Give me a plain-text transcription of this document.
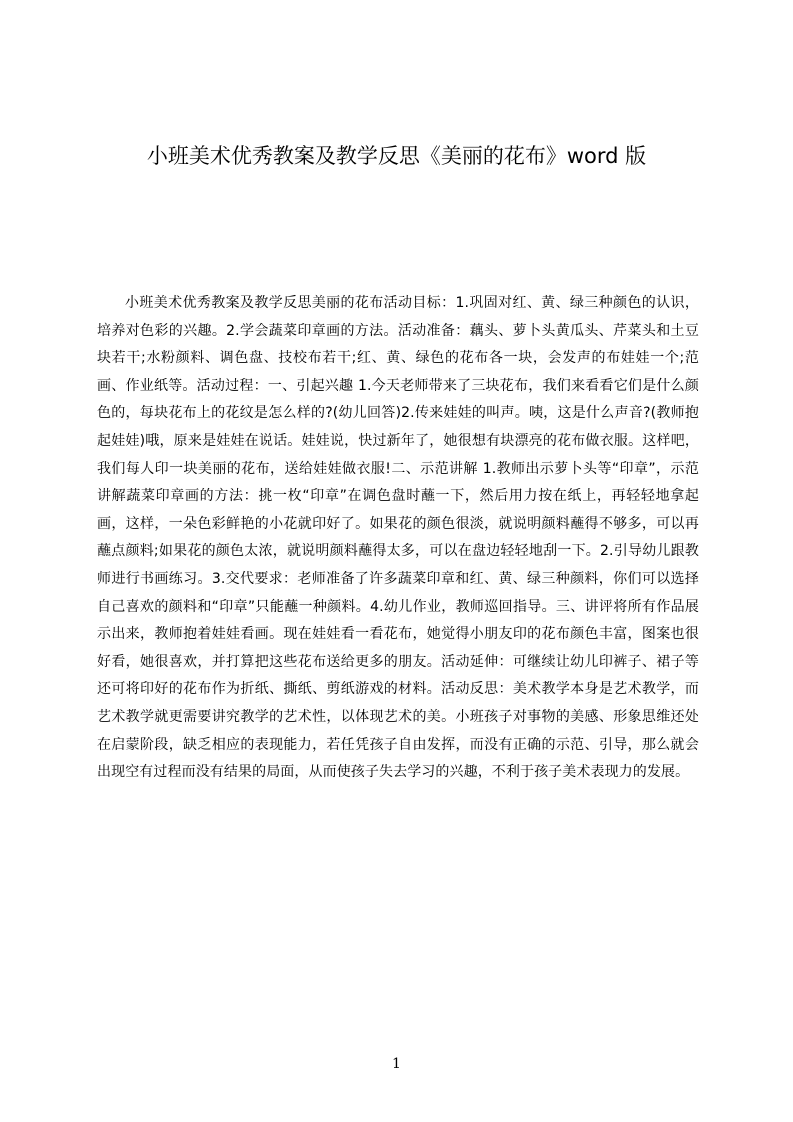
小班美术优秀教案及教学反思《美丽的花布》word 版
小班美术优秀教案及教学反思美丽的花布活动目标：1.巩固对红、黄、绿三种颜色的认识，培养对色彩的兴趣。2.学会蔬菜印章画的方法。活动准备：藕头、萝卜头黄瓜头、芹菜头和土豆块若干;水粉颜料、调色盘、技校布若干;红、黄、绿色的花布各一块，会发声的布娃娃一个;范画、作业纸等。活动过程：一、引起兴趣 1.今天老师带来了三块花布，我们来看看它们是什么颜色的，每块花布上的花纹是怎么样的?(幼儿回答)2.传来娃娃的叫声。咦，这是什么声音?(教师抱起娃娃)哦，原来是娃娃在说话。娃娃说，快过新年了，她很想有块漂亮的花布做衣服。这样吧，我们每人印一块美丽的花布，送给娃娃做衣服!二、示范讲解 1.教师出示萝卜头等“印章”，示范讲解蔬菜印章画的方法：挑一枚“印章”在调色盘时蘸一下，然后用力按在纸上，再轻轻地拿起画，这样，一朵色彩鲜艳的小花就印好了。如果花的颜色很淡，就说明颜料蘸得不够多，可以再蘸点颜料;如果花的颜色太浓，就说明颜料蘸得太多，可以在盘边轻轻地刮一下。2.引导幼儿跟教师进行书画练习。3.交代要求：老师准备了许多蔬菜印章和红、黄、绿三种颜料，你们可以选择自己喜欢的颜料和“印章”只能蘸一种颜料。4.幼儿作业，教师巡回指导。三、讲评将所有作品展示出来，教师抱着娃娃看画。现在娃娃看一看花布，她觉得小朋友印的花布颜色丰富，图案也很好看，她很喜欢，并打算把这些花布送给更多的朋友。活动延伸：可继续让幼儿印裤子、裙子等还可将印好的花布作为折纸、撕纸、剪纸游戏的材料。活动反思：美术教学本身是艺术教学，而艺术教学就更需要讲究教学的艺术性，以体现艺术的美。小班孩子对事物的美感、形象思维还处在启蒙阶段，缺乏相应的表现能力，若任凭孩子自由发挥，而没有正确的示范、引导，那么就会出现空有过程而没有结果的局面，从而使孩子失去学习的兴趣，不利于孩子美术表现力的发展。
1
